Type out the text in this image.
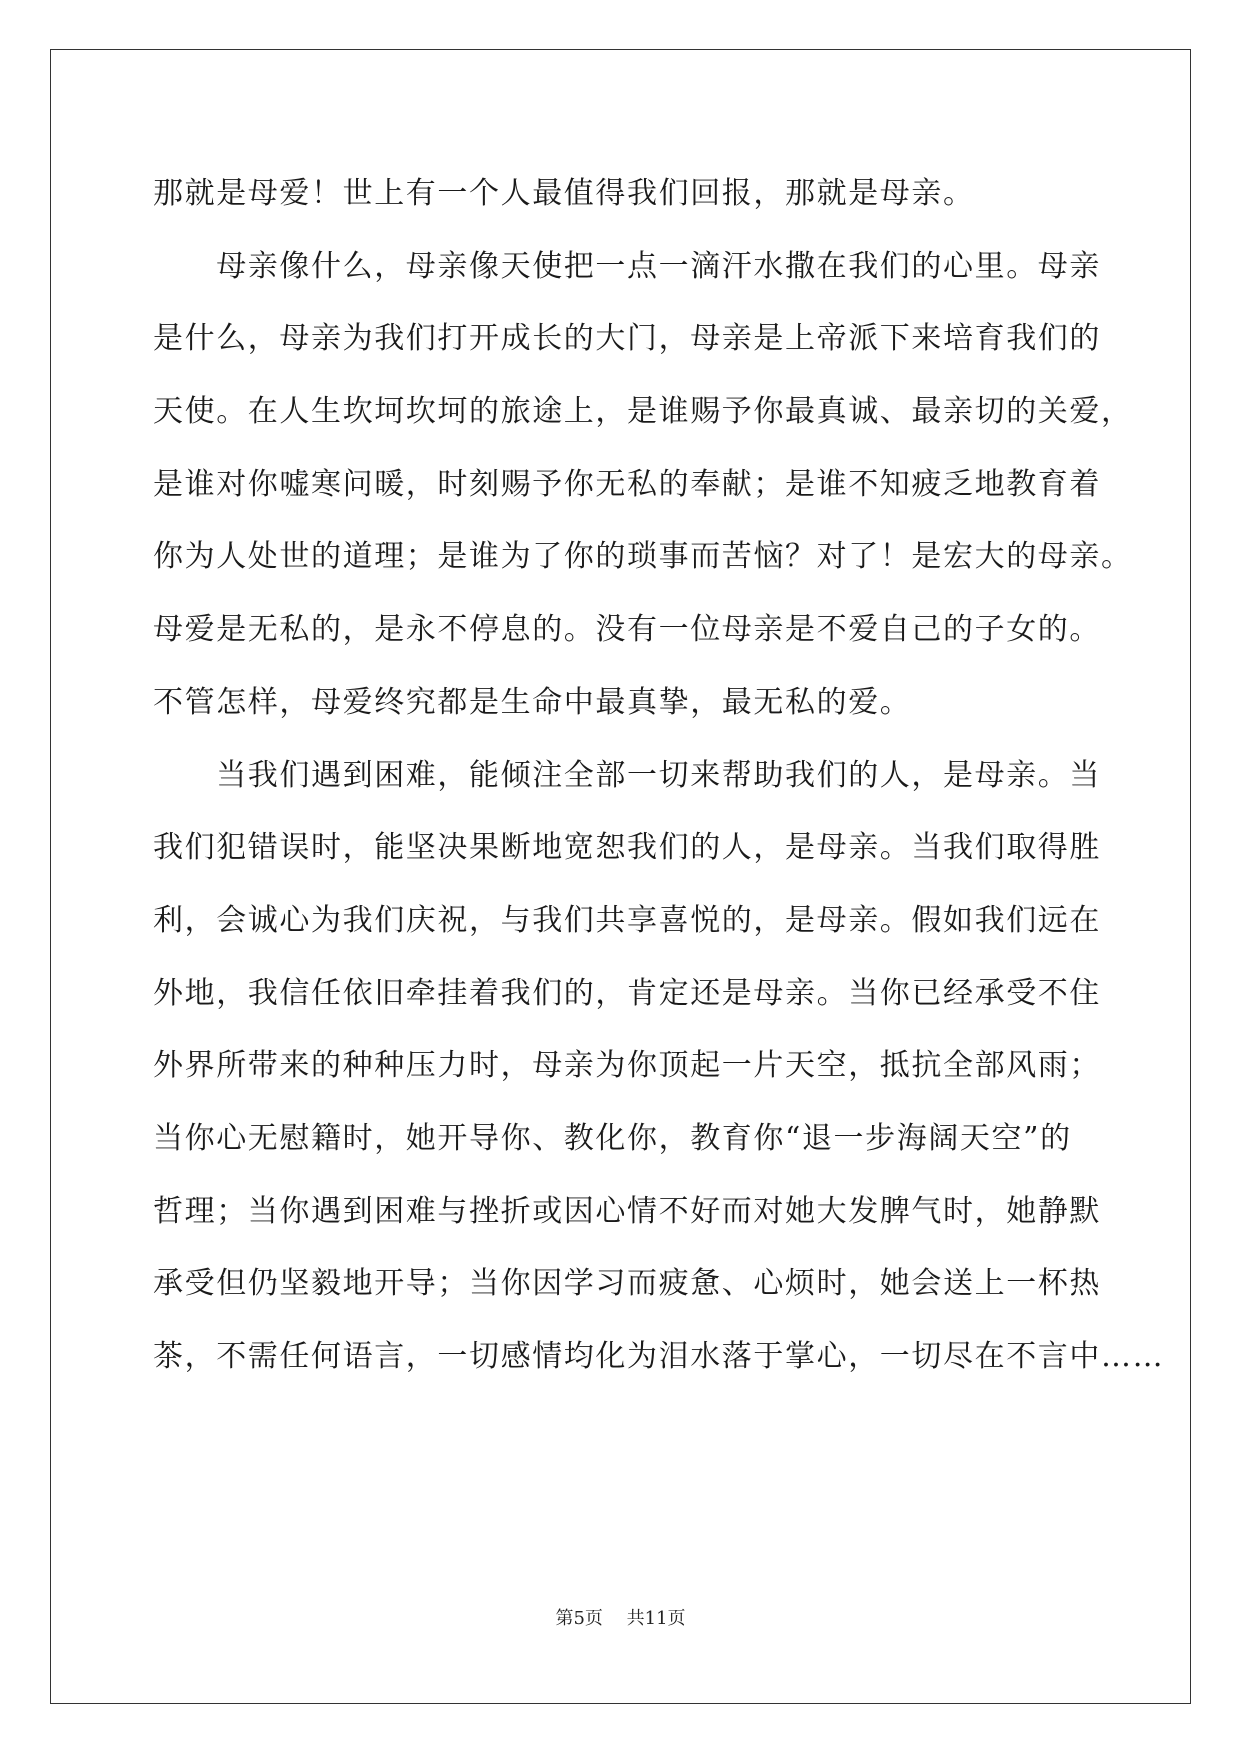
那就是母爱！世上有一个人最值得我们回报，那就是母亲。
　　母亲像什么，母亲像天使把一点一滴汗水撒在我们的心里。母亲
是什么，母亲为我们打开成长的大门，母亲是上帝派下来培育我们的
天使。在人生坎坷坎坷的旅途上，是谁赐予你最真诚、最亲切的关爱，
是谁对你嘘寒问暖，时刻赐予你无私的奉献；是谁不知疲乏地教育着
你为人处世的道理；是谁为了你的琐事而苦恼？对了！是宏大的母亲。
母爱是无私的，是永不停息的。没有一位母亲是不爱自己的子女的。
不管怎样，母爱终究都是生命中最真挚，最无私的爱。
　　当我们遇到困难，能倾注全部一切来帮助我们的人，是母亲。当
我们犯错误时，能坚决果断地宽恕我们的人，是母亲。当我们取得胜
利，会诚心为我们庆祝，与我们共享喜悦的，是母亲。假如我们远在
外地，我信任依旧牵挂着我们的，肯定还是母亲。当你已经承受不住
外界所带来的种种压力时，母亲为你顶起一片天空，抵抗全部风雨；
当你心无慰籍时，她开导你、教化你，教育你“退一步海阔天空”的
哲理；当你遇到困难与挫折或因心情不好而对她大发脾气时，她静默
承受但仍坚毅地开导；当你因学习而疲惫、心烦时，她会送上一杯热
茶，不需任何语言，一切感情均化为泪水落于掌心，一切尽在不言中……
第5页　 共11页
